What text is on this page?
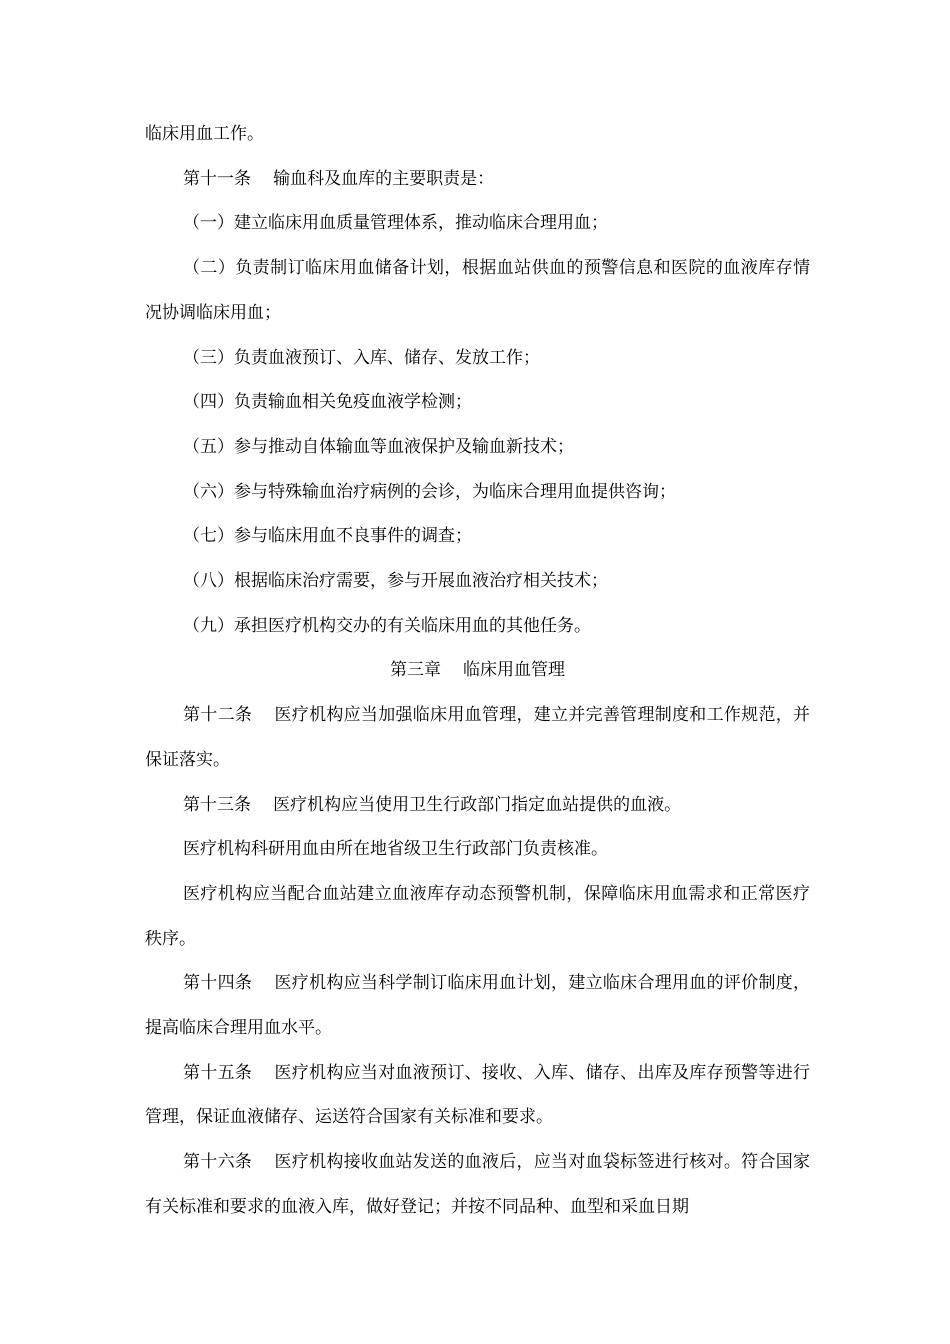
临床用血工作。

第十一条 输血科及血库的主要职责是：

（一）建立临床用血质量管理体系，推动临床合理用血；

（二）负责制订临床用血储备计划，根据血站供血的预警信息和医院的血液库存情况协调临床用血；

（三）负责血液预订、入库、储存、发放工作；

（四）负责输血相关免疫血液学检测；

（五）参与推动自体输血等血液保护及输血新技术；

（六）参与特殊输血治疗病例的会诊，为临床合理用血提供咨询；

（七）参与临床用血不良事件的调查；

（八）根据临床治疗需要，参与开展血液治疗相关技术；

（九）承担医疗机构交办的有关临床用血的其他任务。

第三章 临床用血管理

第十二条 医疗机构应当加强临床用血管理，建立并完善管理制度和工作规范，并保证落实。

第十三条 医疗机构应当使用卫生行政部门指定血站提供的血液。

医疗机构科研用血由所在地省级卫生行政部门负责核准。

医疗机构应当配合血站建立血液库存动态预警机制，保障临床用血需求和正常医疗秩序。

第十四条 医疗机构应当科学制订临床用血计划，建立临床合理用血的评价制度，提高临床合理用血水平。

第十五条 医疗机构应当对血液预订、接收、入库、储存、出库及库存预警等进行管理，保证血液储存、运送符合国家有关标准和要求。

第十六条 医疗机构接收血站发送的血液后，应当对血袋标签进行核对。符合国家有关标准和要求的血液入库，做好登记；并按不同品种、血型和采血日期
